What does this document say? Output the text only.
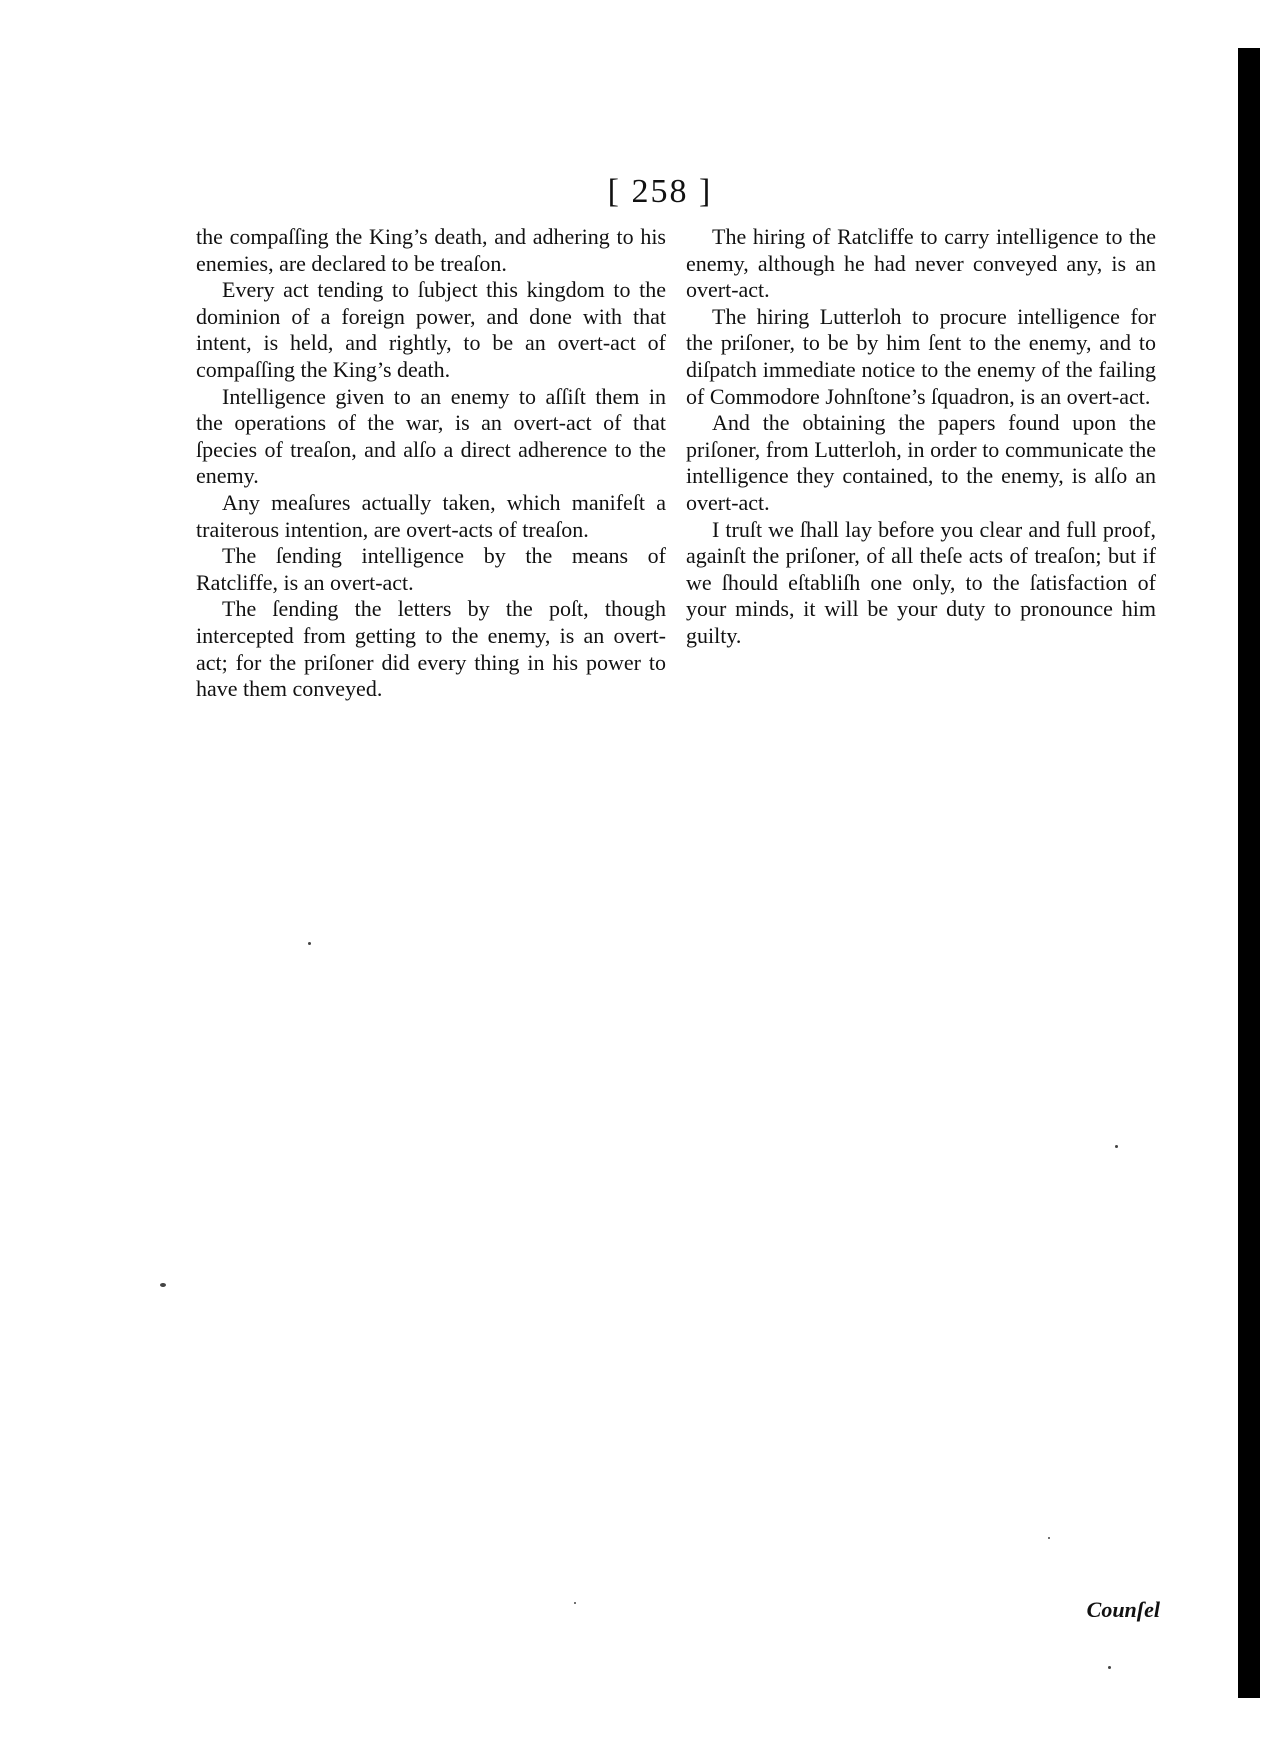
[ 258 ]

the compaſſing the King’s death, and adhering to his enemies, are declared to be treaſon.

Every act tending to ſubject this kingdom to the dominion of a foreign power, and done with that intent, is held, and rightly, to be an overt-act of compaſſing the King’s death.

Intelligence given to an enemy to aſſiſt them in the operations of the war, is an overt-act of that ſpecies of treaſon, and alſo a direct adherence to the enemy.

Any meaſures actually taken, which manifeſt a traiterous intention, are overt-acts of treaſon.

The ſending intelligence by the means of Ratcliffe, is an overt-act.

The ſending the letters by the poſt, though intercepted from getting to the enemy, is an overt-act; for the priſoner did every thing in his power to have them conveyed.

The hiring of Ratcliffe to carry intelligence to the enemy, although he had never conveyed any, is an overt-act.

The hiring Lutterloh to procure intelligence for the priſoner, to be by him ſent to the enemy, and to diſpatch immediate notice to the enemy of the failing of Commodore Johnſtone’s ſquadron, is an overt-act.

And the obtaining the papers found upon the priſoner, from Lutterloh, in order to communicate the intelligence they contained, to the enemy, is alſo an overt-act.

I truſt we ſhall lay before you clear and full proof, againſt the priſoner, of all theſe acts of treaſon; but if we ſhould eſtabliſh one only, to the ſatisfaction of your minds, it will be your duty to pronounce him guilty.

Counſel
